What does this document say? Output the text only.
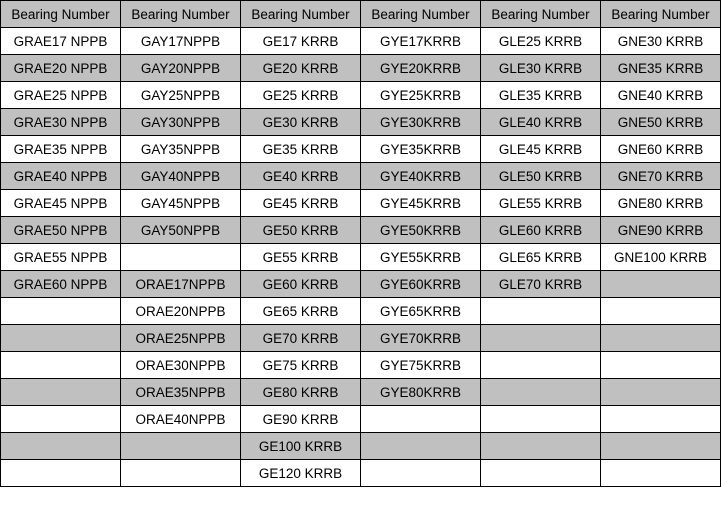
Bearing Number	Bearing Number	Bearing Number	Bearing Number	Bearing Number	Bearing Number
GRAE17 NPPB	GAY17NPPB	GE17 KRRB	GYE17KRRB	GLE25 KRRB	GNE30 KRRB
GRAE20 NPPB	GAY20NPPB	GE20 KRRB	GYE20KRRB	GLE30 KRRB	GNE35 KRRB
GRAE25 NPPB	GAY25NPPB	GE25 KRRB	GYE25KRRB	GLE35 KRRB	GNE40 KRRB
GRAE30 NPPB	GAY30NPPB	GE30 KRRB	GYE30KRRB	GLE40 KRRB	GNE50 KRRB
GRAE35 NPPB	GAY35NPPB	GE35 KRRB	GYE35KRRB	GLE45 KRRB	GNE60 KRRB
GRAE40 NPPB	GAY40NPPB	GE40 KRRB	GYE40KRRB	GLE50 KRRB	GNE70 KRRB
GRAE45 NPPB	GAY45NPPB	GE45 KRRB	GYE45KRRB	GLE55 KRRB	GNE80 KRRB
GRAE50 NPPB	GAY50NPPB	GE50 KRRB	GYE50KRRB	GLE60 KRRB	GNE90 KRRB
GRAE55 NPPB		GE55 KRRB	GYE55KRRB	GLE65 KRRB	GNE100 KRRB
GRAE60 NPPB	ORAE17NPPB	GE60 KRRB	GYE60KRRB	GLE70 KRRB	
	ORAE20NPPB	GE65 KRRB	GYE65KRRB		
	ORAE25NPPB	GE70 KRRB	GYE70KRRB		
	ORAE30NPPB	GE75 KRRB	GYE75KRRB		
	ORAE35NPPB	GE80 KRRB	GYE80KRRB		
	ORAE40NPPB	GE90 KRRB			
		GE100 KRRB			
		GE120 KRRB			
